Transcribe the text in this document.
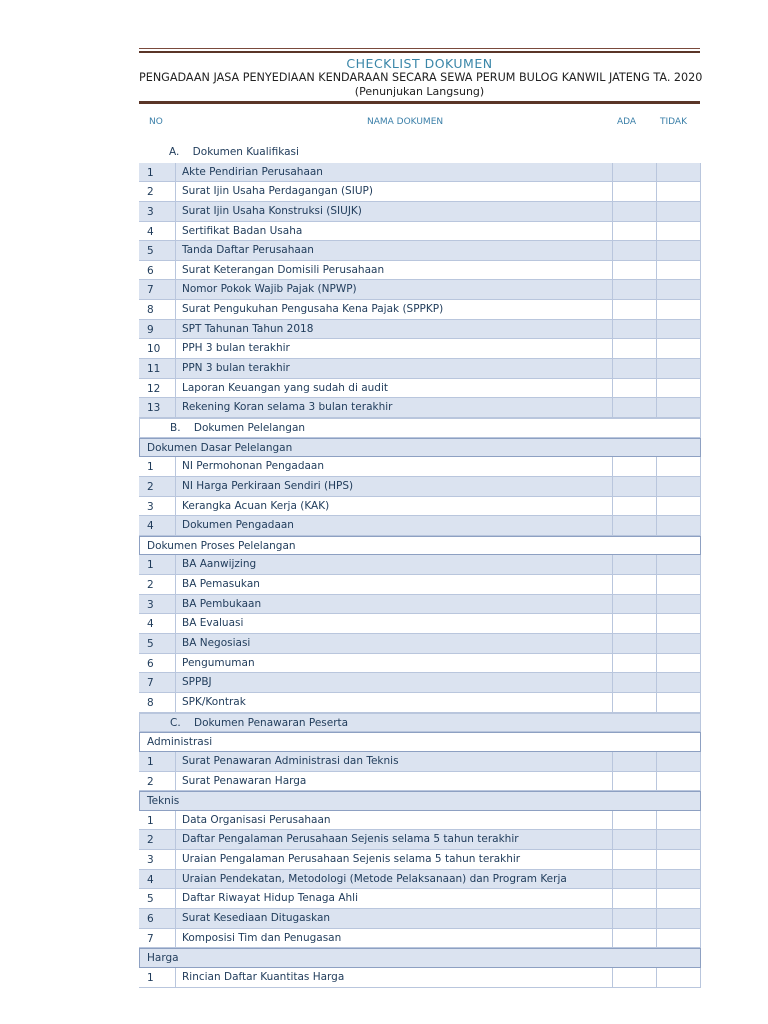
CHECKLIST DOKUMEN
PENGADAAN JASA PENYEDIAAN KENDARAAN SECARA SEWA PERUM BULOG KANWIL JATENG TA. 2020
(Penunjukan Langsung)
NO	NAMA DOKUMEN	ADA	TIDAK
A.    Dokumen Kualifikasi
1	Akte Pendirian Perusahaan
2	Surat Ijin Usaha Perdagangan (SIUP)
3	Surat Ijin Usaha Konstruksi (SIUJK)
4	Sertifikat Badan Usaha
5	Tanda Daftar Perusahaan
6	Surat Keterangan Domisili Perusahaan
7	Nomor Pokok Wajib Pajak (NPWP)
8	Surat Pengukuhan Pengusaha Kena Pajak (SPPKP)
9	SPT Tahunan Tahun 2018
10 PPH 3 bulan terakhir
11 PPN 3 bulan terakhir
12 Laporan Keuangan yang sudah di audit
13 Rekening Koran selama 3 bulan terakhir
B.    Dokumen Pelelangan
Dokumen Dasar Pelelangan
1	NI Permohonan Pengadaan
2	NI Harga Perkiraan Sendiri (HPS)
3	Kerangka Acuan Kerja (KAK)
4	Dokumen Pengadaan
Dokumen Proses Pelelangan
1	BA Aanwijzing
2	BA Pemasukan
3	BA Pembukaan
4	BA Evaluasi
5	BA Negosiasi
6	Pengumuman
7	SPPBJ
8	SPK/Kontrak
C.    Dokumen Penawaran Peserta
Administrasi
1	Surat Penawaran Administrasi dan Teknis
2	Surat Penawaran Harga
Teknis
1	Data Organisasi Perusahaan
2	Daftar Pengalaman Perusahaan Sejenis selama 5 tahun terakhir
3	Uraian Pengalaman Perusahaan Sejenis selama 5 tahun terakhir
4	Uraian Pendekatan, Metodologi (Metode Pelaksanaan) dan Program Kerja
5	Daftar Riwayat Hidup Tenaga Ahli
6	Surat Kesediaan Ditugaskan
7	Komposisi Tim dan Penugasan
Harga
1	Rincian Daftar Kuantitas Harga
